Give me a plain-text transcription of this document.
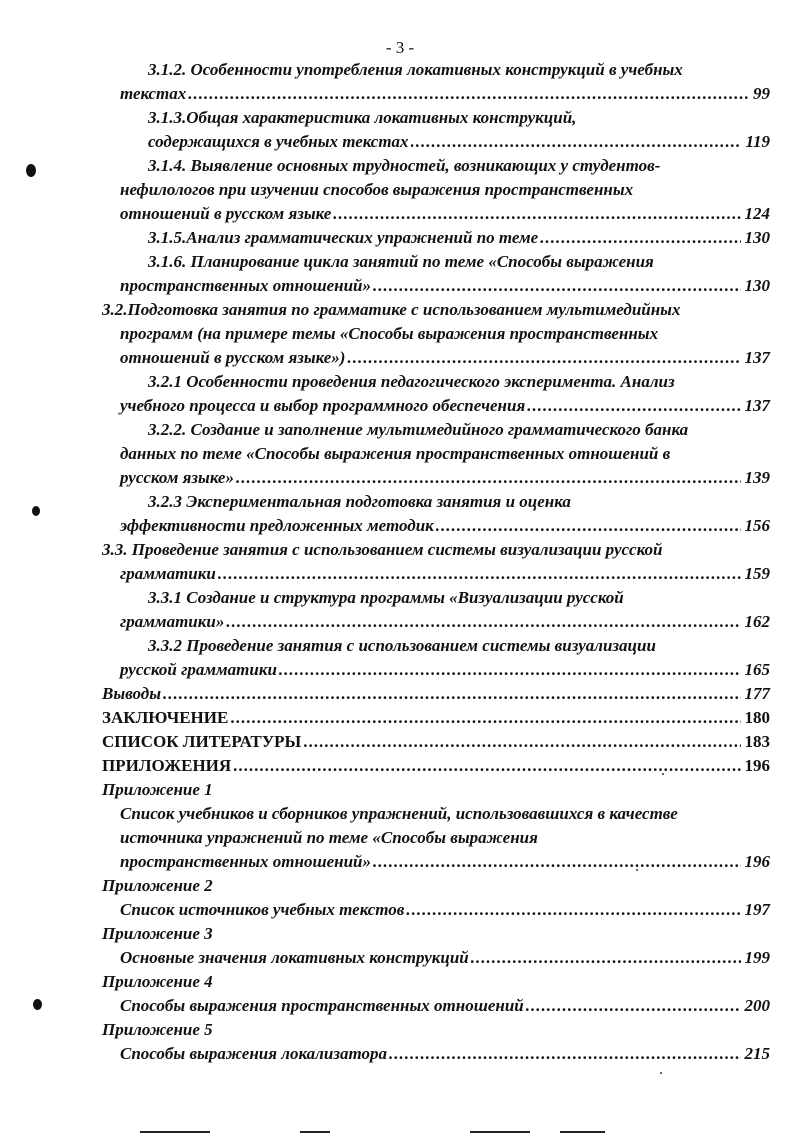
- 3 -
3.1.2. Особенности употребления локативных конструкций в учебных
текстах .....	99
3.1.3.Общая характеристика локативных конструкций,
содержащихся в учебных текстах .....	119
3.1.4. Выявление основных трудностей, возникающих у студентов-
нефилологов при изучении способов выражения пространственных
отношений в русском языке .....	124
3.1.5.Анализ грамматических упражнений по теме .....	130
3.1.6. Планирование цикла занятий по теме «Способы выражения
пространственных отношений» .....	130
3.2.Подготовка занятия по грамматике с использованием мультимедийных
программ (на примере темы «Способы выражения пространственных
отношений в русском языке») .....	137
3.2.1 Особенности проведения педагогического эксперимента. Анализ
учебного процесса и выбор программного обеспечения .....	137
3.2.2. Создание и заполнение мультимедийного грамматического банка
данных по теме «Способы выражения пространственных отношений в
русском языке» .....	139
3.2.3 Экспериментальная подготовка занятия и оценка
эффективности предложенных методик .....	156
3.3. Проведение занятия с использованием системы визуализации русской
грамматики .....	159
3.3.1 Создание и структура программы «Визуализации русской
грамматики» .....	162
3.3.2 Проведение занятия с использованием системы визуализации
русской грамматики .....	165
Выводы .....	177
ЗАКЛЮЧЕНИЕ .....	180
СПИСОК ЛИТЕРАТУРЫ .....	183
ПРИЛОЖЕНИЯ .....	196
Приложение 1
Список учебников и сборников упражнений, использовавшихся в качестве
источника упражнений по теме «Способы выражения
пространственных отношений» .....	196
Приложение 2
Список источников учебных текстов .....	197
Приложение 3
Основные значения локативных конструкций .....	199
Приложение 4
Способы выражения пространственных отношений .....	200
Приложение 5
Способы выражения локализатора .....	215
